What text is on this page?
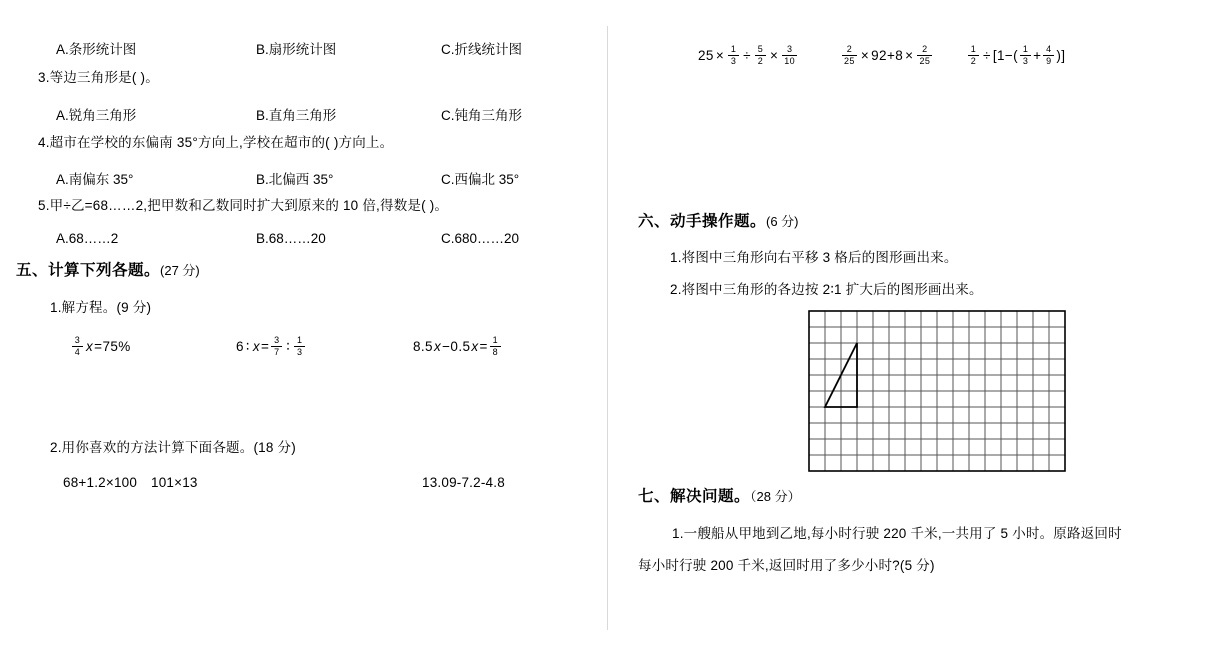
A.条形统计图	B.扇形统计图	C.折线统计图
3.等边三角形是( )。
A.锐角三角形	B.直角三角形	C.钝角三角形
4.超市在学校的东偏南 35°方向上,学校在超市的( )方向上。
A.南偏东 35°	B.北偏西 35°	C.西偏北 35°
5.甲÷乙=68……2,把甲数和乙数同时扩大到原来的 10 倍,得数是( )。
A.68……2	B.68……20	C.680……20
五、计算下列各题。(27 分)
1.解方程。(9 分)
$\frac{3}{4}$ x = 75%	6 ∶ $x = \frac{3}{7}$ ∶ $\frac{1}{3}$	8.5 x − 0.5 $x = \frac{1}{8}$
2.用你喜欢的方法计算下面各题。(18 分)
68+1.2×100 101×13	13.09-7.2-4.8
$25 \times \frac{1}{3} \div \frac{5}{2} \times \frac{3}{10}$	$\frac{2}{25} \times 92 + 8 \times \frac{2}{25}$	$\frac{1}{2} \div [1-( \frac{1}{3} + \frac{4}{9}$ )]
六、动手操作题。(6 分)
1.将图中三角形向右平移 3 格后的图形画出来。
2.将图中三角形的各边按 2∶1 扩大后的图形画出来。
七、解决问题。（28 分）
1.一艘船从甲地到乙地,每小时行驶 220 千米,一共用了 5 小时。原路返回时
每小时行驶 200 千米,返回时用了多少小时?(5 分)
